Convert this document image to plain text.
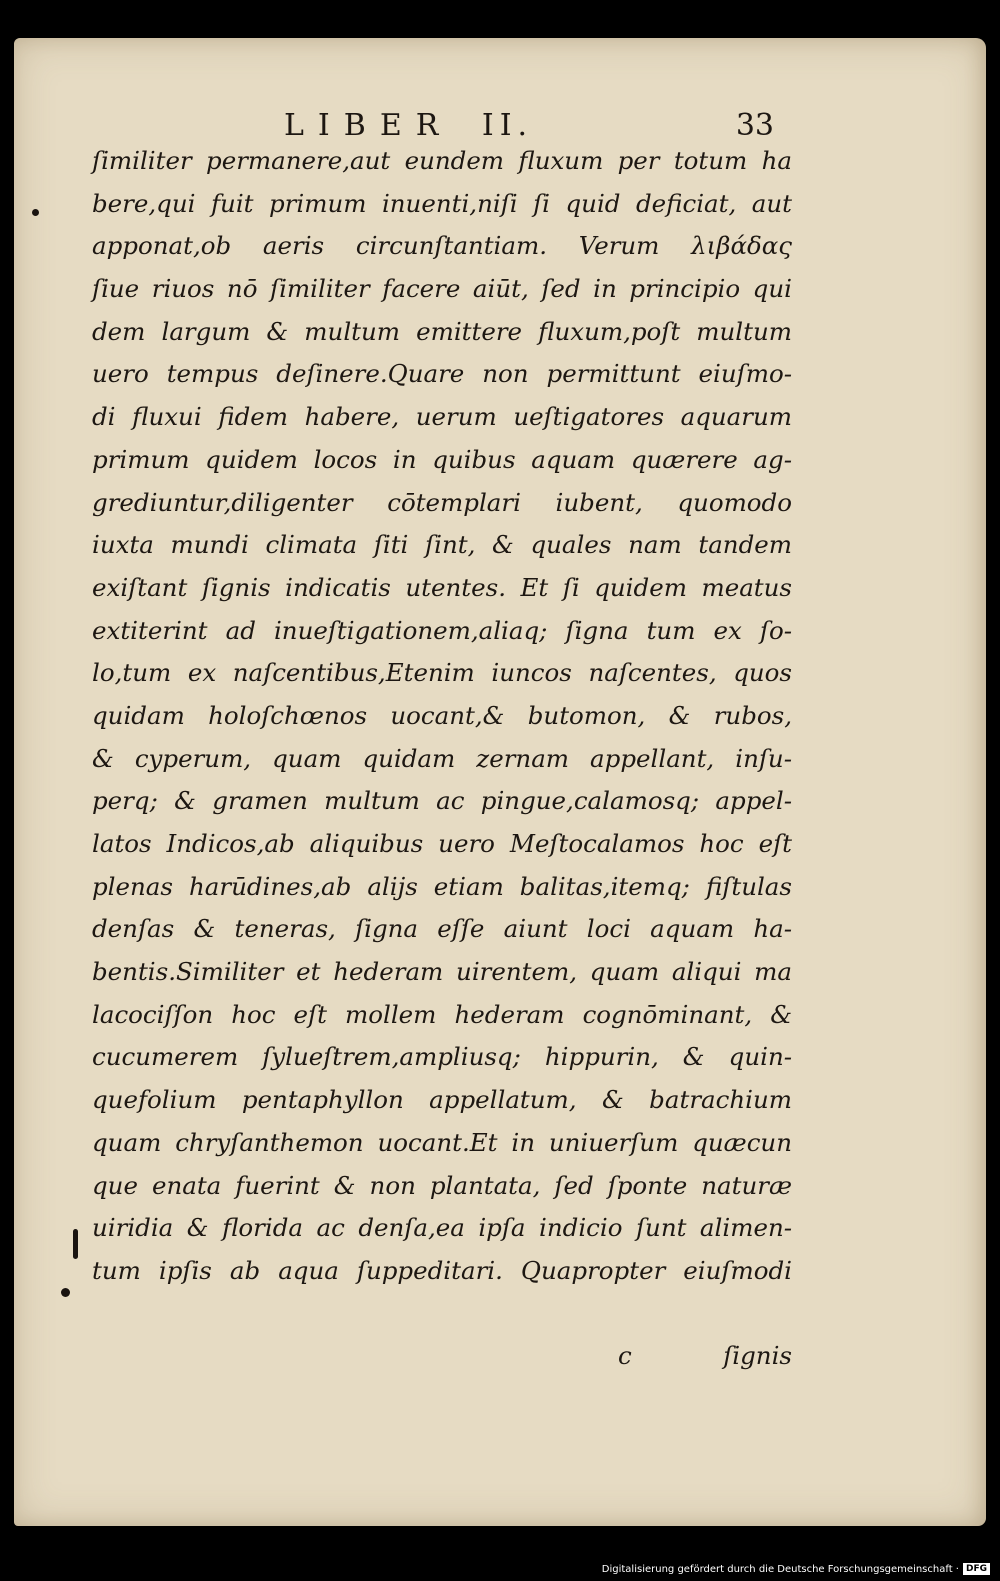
LIBER II.	33
ſimiliter permanere,aut eundem fluxum per totum ha
bere,qui fuit primum inuenti,niſi ſi quid deficiat, aut
apponat,ob aeris circunſtantiam. Verum λιβάδας
ſiue riuos nō ſimiliter facere aiūt, ſed in principio qui
dem largum & multum emittere fluxum,poſt multum
uero tempus deſinere.Quare non permittunt eiuſmo-
di fluxui fidem habere, uerum ueſtigatores aquarum
primum quidem locos in quibus aquam quærere ag-
grediuntur,diligenter cōtemplari iubent, quomodo
iuxta mundi climata ſiti ſint, & quales nam tandem
exiſtant ſignis indicatis utentes. Et ſi quidem meatus
extiterint ad inueſtigationem,aliaq; ſigna tum ex ſo-
lo,tum ex naſcentibus,Etenim iuncos naſcentes, quos
quidam holoſchœnos uocant,& butomon, & rubos,
& cyperum, quam quidam zernam appellant, inſu-
perq; & gramen multum ac pingue,calamosq; appel-
latos Indicos,ab aliquibus uero Meſtocalamos hoc eſt
plenas harūdines,ab alijs etiam balitas,itemq; fiſtulas
denſas & teneras, ſigna eſſe aiunt loci aquam ha-
bentis.Similiter et hederam uirentem, quam aliqui ma
lacociſſon hoc eſt mollem hederam cognōminant, &
cucumerem ſylueſtrem,ampliusq; hippurin, & quin-
quefolium pentaphyllon appellatum, & batrachium
quam chryſanthemon uocant.Et in uniuerſum quæcun
que enata fuerint & non plantata, ſed ſponte naturæ
uiridia & florida ac denſa,ea ipſa indicio ſunt alimen-
tum ipſis ab aqua ſuppeditari. Quapropter eiuſmodi
c	ſignis
Digitalisierung gefördert durch die Deutsche Forschungsgemeinschaft · DFG
